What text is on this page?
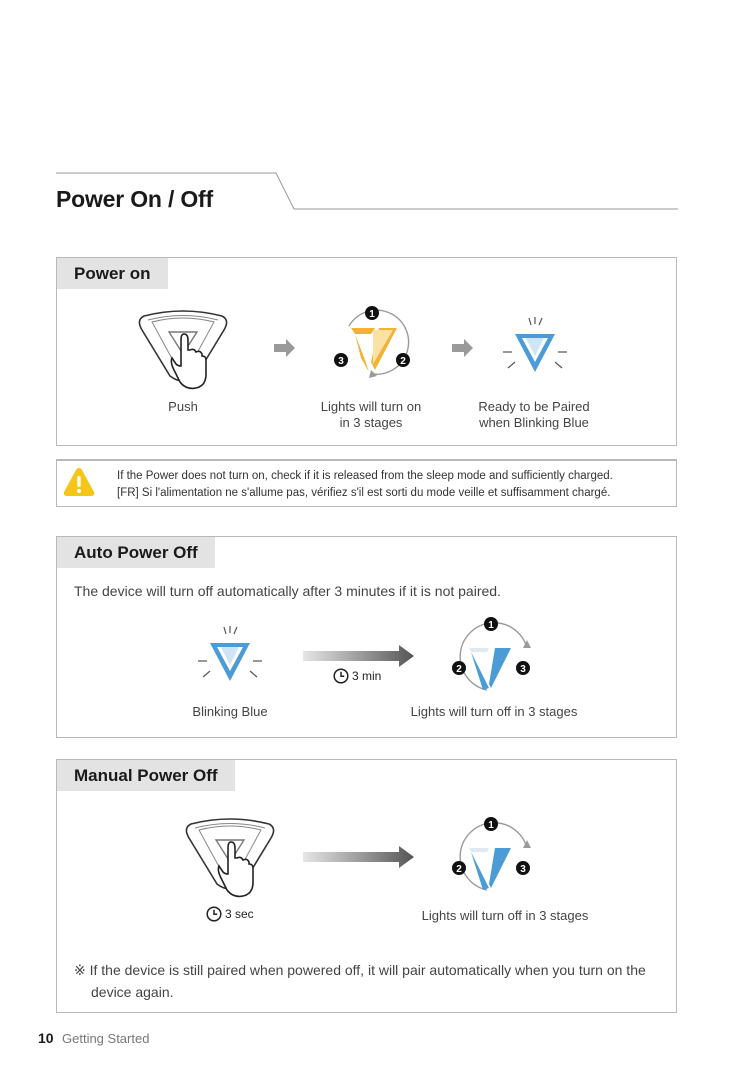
Power On / Off
Power on
1
2
3
Push	Lights will turn on
in 3 stages
Ready to be Paired
when Blinking Blue
If the Power does not turn on, check if it is released from the sleep mode and sufficiently charged.
[FR] Si l'alimentation ne s'allume pas, vérifiez s'il est sorti du mode veille et suffisamment chargé.
Auto Power Off
The device will turn off automatically after 3 minutes if it is not paired.
3 min
1
2	3
Blinking Blue	Lights will turn off in 3 stages
Manual Power Off
3 sec
1
2	3
Lights will turn off in 3 stages
※ If the device is still paired when powered off, it will pair automatically when you turn on the
device again.
10 Getting Started
